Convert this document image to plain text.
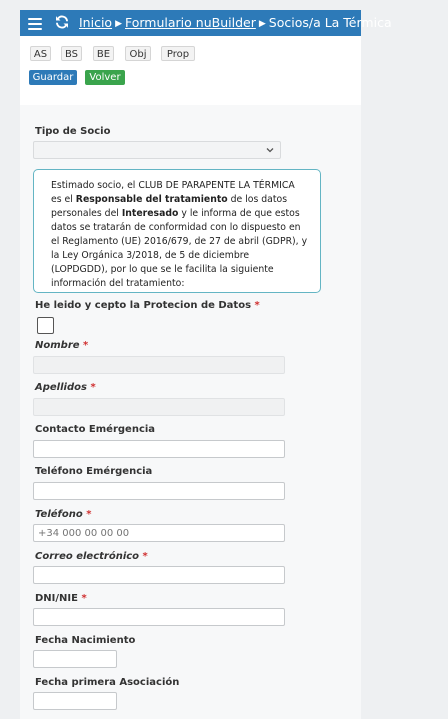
Inicio ▶ Formulario nuBuilder ▶ Socios/a La Térmica
AS	BS	BE	Obj	Prop
Guardar	Volver
Tipo de Socio

Estimado socio, el CLUB DE PARAPENTE LA TÉRMICA es el Responsable del tratamiento de los datos personales del Interesado y le informa de que estos datos se tratarán de conformidad con lo dispuesto en el Reglamento (UE) 2016/679, de 27 de abril (GDPR), y la Ley Orgánica 3/2018, de 5 de diciembre (LOPDGDD), por lo que se le facilita la siguiente información del tratamiento:

He leido y cepto la Protecion de Datos *
Nombre *
Apellidos *
Contacto Emérgencia
Teléfono Emérgencia
Teléfono *
+34 000 00 00 00
Correo electrónico *
DNI/NIE *
Fecha Nacimiento
Fecha primera Asociación
